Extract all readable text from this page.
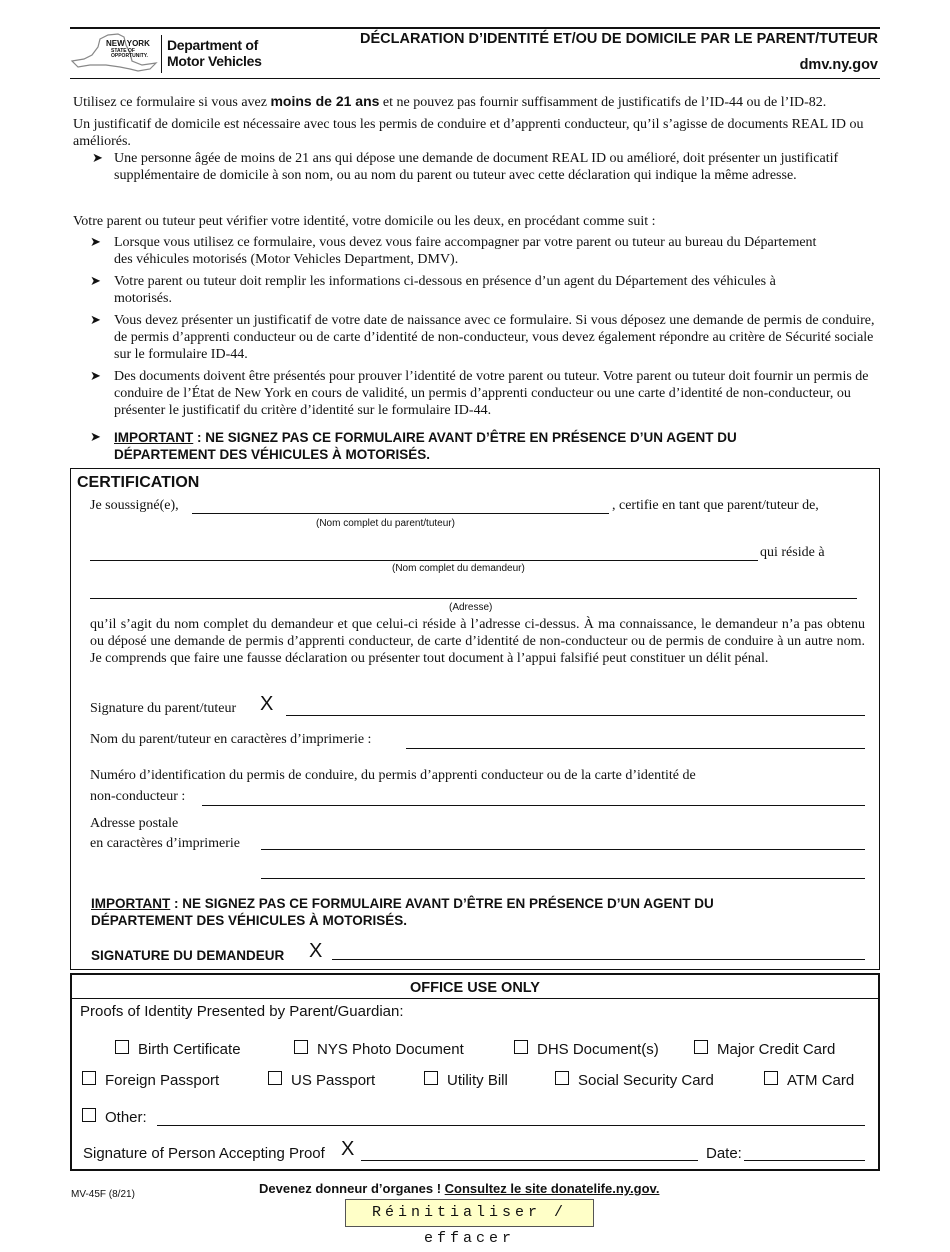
NEW YORK
STATE OF
OPPORTUNITY.
Department of
Motor Vehicles
DÉCLARATION D’IDENTITÉ ET/OU DE DOMICILE PAR LE PARENT/TUTEUR
dmv.ny.gov

Utilisez ce formulaire si vous avez moins de 21 ans et ne pouvez pas fournir suffisamment de justificatifs de l’ID-44 ou de l’ID-82.

Un justificatif de domicile est nécessaire avec tous les permis de conduire et d’apprenti conducteur, qu’il s’agisse de documents REAL ID ou améliorés.

➤ Une personne âgée de moins de 21 ans qui dépose une demande de document REAL ID ou amélioré, doit présenter un justificatif supplémentaire de domicile à son nom, ou au nom du parent ou tuteur avec cette déclaration qui indique la même adresse.

Votre parent ou tuteur peut vérifier votre identité, votre domicile ou les deux, en procédant comme suit :

➤ Lorsque vous utilisez ce formulaire, vous devez vous faire accompagner par votre parent ou tuteur au bureau du Département des véhicules motorisés (Motor Vehicles Department, DMV).

➤ Votre parent ou tuteur doit remplir les informations ci-dessous en présence d’un agent du Département des véhicules à motorisés.

➤ Vous devez présenter un justificatif de votre date de naissance avec ce formulaire. Si vous déposez une demande de permis de conduire, de permis d’apprenti conducteur ou de carte d’identité de non-conducteur, vous devez également répondre au critère de Sécurité sociale sur le formulaire ID-44.

➤ Des documents doivent être présentés pour prouver l’identité de votre parent ou tuteur. Votre parent ou tuteur doit fournir un permis de conduire de l’État de New York en cours de validité, un permis d’apprenti conducteur ou une carte d’identité de non-conducteur, ou présenter le justificatif du critère d’identité sur le formulaire ID-44.

➤ IMPORTANT : NE SIGNEZ PAS CE FORMULAIRE AVANT D’ÊTRE EN PRÉSENCE D’UN AGENT DU DÉPARTEMENT DES VÉHICULES À MOTORISÉS.

CERTIFICATION
Je soussigné(e),	, certifie en tant que parent/tuteur de,
(Nom complet du parent/tuteur)
qui réside à
(Nom complet du demandeur)
(Adresse)

qu’il s’agit du nom complet du demandeur et que celui-ci réside à l’adresse ci-dessus. À ma connaissance, le demandeur n’a pas obtenu ou déposé une demande de permis d’apprenti conducteur, de carte d’identité de non-conducteur ou de permis de conduire à un autre nom. Je comprends que faire une fausse déclaration ou présenter tout document à l’appui falsifié peut constituer un délit pénal.

Signature du parent/tuteur X
Nom du parent/tuteur en caractères d’imprimerie :
Numéro d’identification du permis de conduire, du permis d’apprenti conducteur ou de la carte d’identité de
non-conducteur :
Adresse postale
en caractères d’imprimerie

IMPORTANT : NE SIGNEZ PAS CE FORMULAIRE AVANT D’ÊTRE EN PRÉSENCE D’UN AGENT DU DÉPARTEMENT DES VÉHICULES À MOTORISÉS.

SIGNATURE DU DEMANDEUR X
OFFICE USE ONLY
Proofs of Identity Presented by Parent/Guardian:
Birth Certificate	NYS Photo Document	DHS Document(s)	Major Credit Card
Foreign Passport	US Passport	Utility Bill	Social Security Card	ATM Card
Other:
Signature of Person Accepting Proof X	Date:
MV-45F (8/21)	Devenez donneur d’organes ! Consultez le site donatelife.ny.gov.
Réinitialiser / effacer
